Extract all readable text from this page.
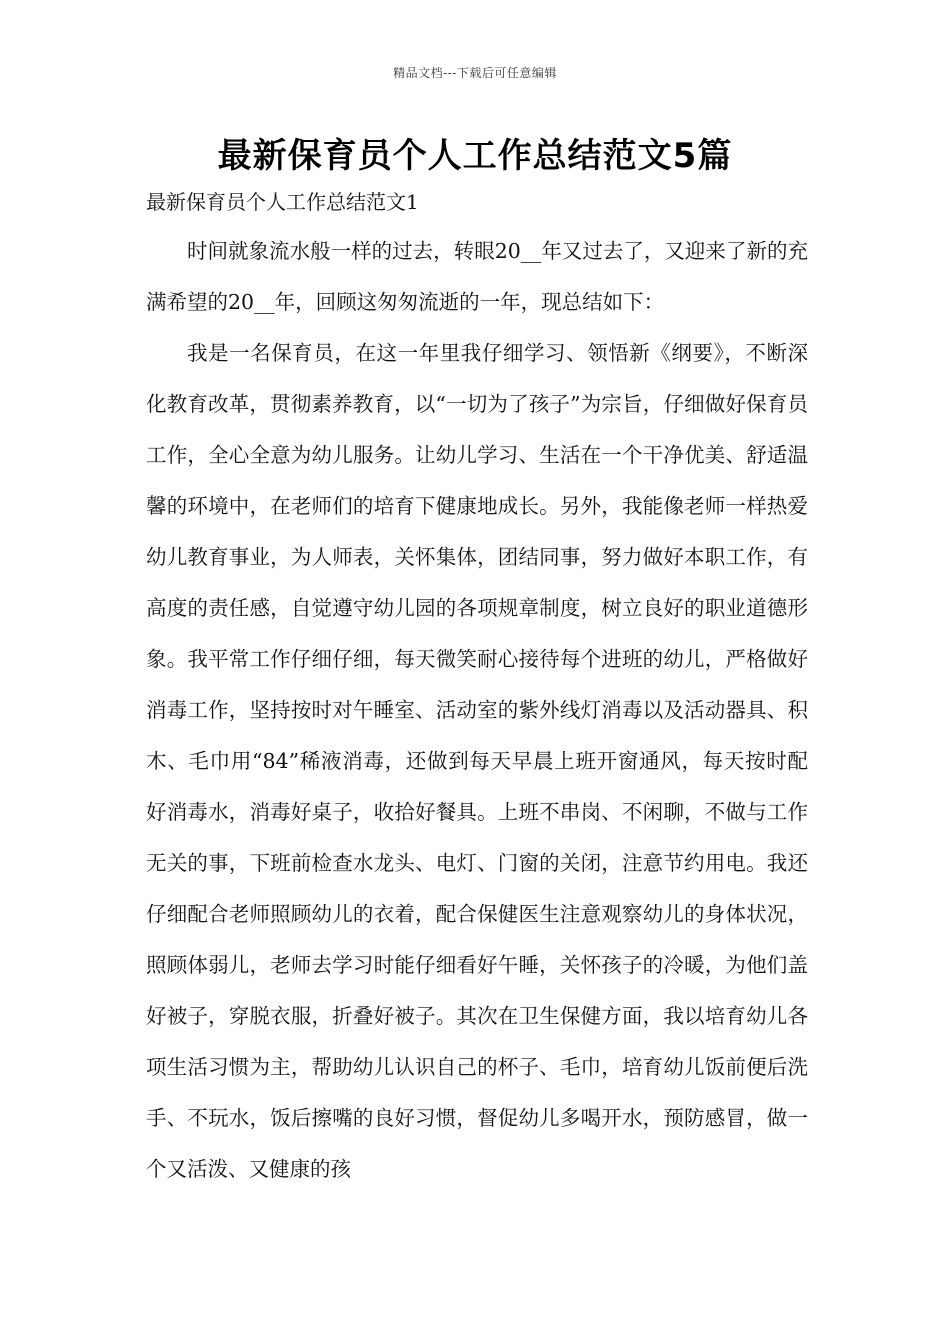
精品文档---下载后可任意编辑
最新保育员个人工作总结范文5篇
最新保育员个人工作总结范文1

时间就象流水般一样的过去，转眼20__年又过去了，又迎来了新的充满希望的20__年，回顾这匆匆流逝的一年，现总结如下：

我是一名保育员，在这一年里我仔细学习、领悟新《纲要》，不断深化教育改革，贯彻素养教育，以“一切为了孩子”为宗旨，仔细做好保育员工作，全心全意为幼儿服务。让幼儿学习、生活在一个干净优美、舒适温馨的环境中，在老师们的培育下健康地成长。另外，我能像老师一样热爱幼儿教育事业，为人师表，关怀集体，团结同事，努力做好本职工作，有高度的责任感，自觉遵守幼儿园的各项规章制度，树立良好的职业道德形象。我平常工作仔细仔细，每天微笑耐心接待每个进班的幼儿，严格做好消毒工作，坚持按时对午睡室、活动室的紫外线灯消毒以及活动器具、积木、毛巾用“84”稀液消毒，还做到每天早晨上班开窗通风，每天按时配好消毒水，消毒好桌子，收拾好餐具。上班不串岗、不闲聊，不做与工作无关的事，下班前检查水龙头、电灯、门窗的关闭，注意节约用电。我还仔细配合老师照顾幼儿的衣着，配合保健医生注意观察幼儿的身体状况，照顾体弱儿，老师去学习时能仔细看好午睡，关怀孩子的冷暖，为他们盖好被子，穿脱衣服，折叠好被子。其次在卫生保健方面，我以培育幼儿各项生活习惯为主，帮助幼儿认识自己的杯子、毛巾，培育幼儿饭前便后洗手、不玩水，饭后擦嘴的良好习惯，督促幼儿多喝开水，预防感冒，做一个又活泼、又健康的孩
